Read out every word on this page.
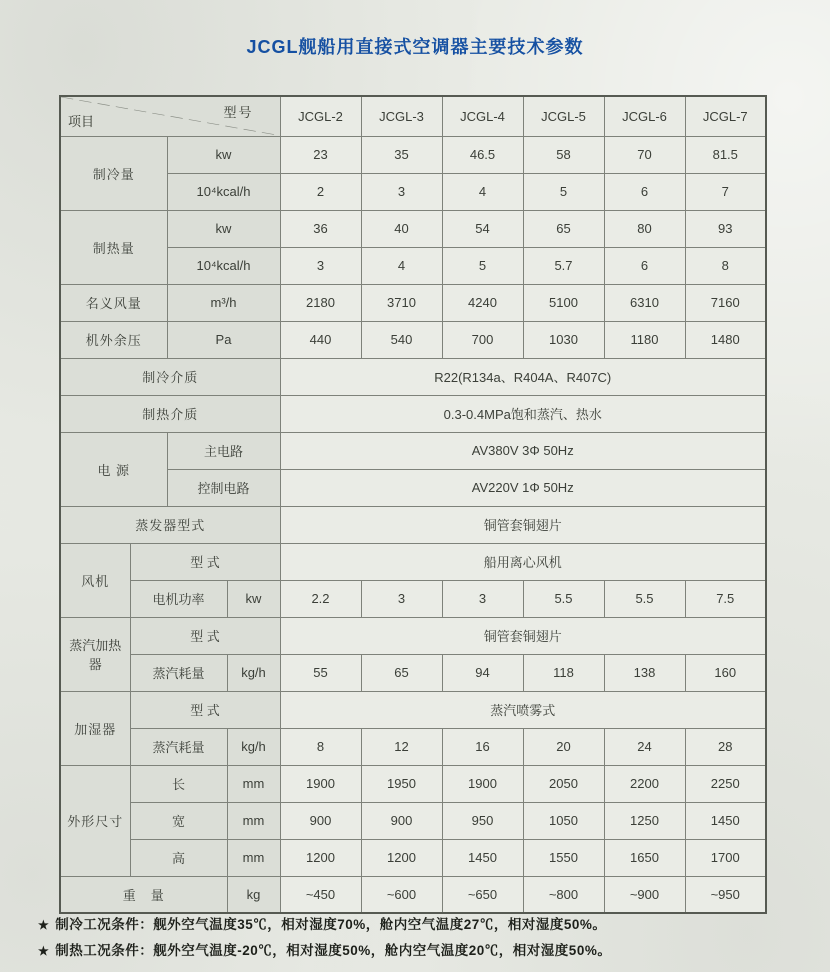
JCGL舰船用直接式空调器主要技术参数
型号
项目				JCGL-2	JCGL-3	JCGL-4	JCGL-5	JCGL-6	JCGL-7
制冷量		kw		23	35	46.5	58	70	81.5
		10⁴kcal/h		2	3	4	5	6	7
制热量		kw		36	40	54	65	80	93
		10⁴kcal/h		3	4	5	5.7	6	8
名义风量		m³/h		2180	3710	4240	5100	6310	7160
机外余压		Pa		440	540	700	1030	1180	1480
制冷介质				R22(R134a、R404A、R407C)					
制热介质				0.3-0.4MPa饱和蒸汽、热水					
电 源		主电路		AV380V 3Φ 50Hz					
		控制电路		AV220V 1Φ 50Hz					
蒸发器型式				铜管套铜翅片					
风机	型 式			船用离心风机					
	电机功率		kw	2.2	3	3	5.5	5.5	7.5
蒸汽加热器	型 式			铜管套铜翅片					
	蒸汽耗量		kg/h	55	65	94	118	138	160
加湿器	型 式			蒸汽喷雾式					
	蒸汽耗量		kg/h	8	12	16	20	24	28
外形尺寸	长		mm	1900	1950	1900	2050	2200	2250
	宽		mm	900	900	950	1050	1250	1450
	高		mm	1200	1200	1450	1550	1650	1700
重　量			kg	~450	~600	~650	~800	~900	~950
★ 制冷工况条件：舰外空气温度35℃，相对湿度70%，舱内空气温度27℃，相对湿度50%。
★ 制热工况条件：舰外空气温度-20℃，相对湿度50%，舱内空气温度20℃，相对湿度50%。
